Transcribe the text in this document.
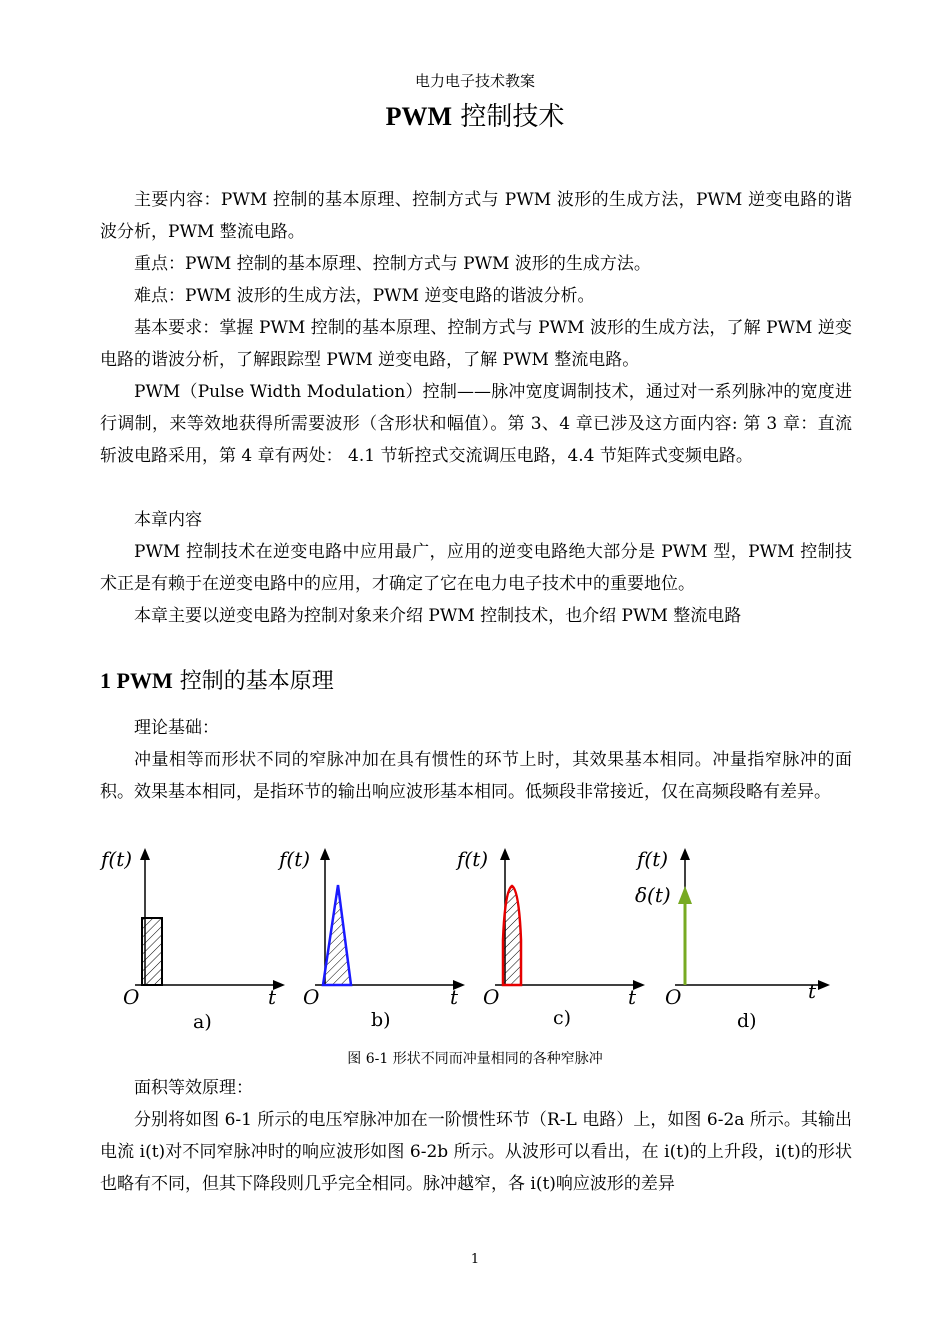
电力电子技术教案
PWM 控制技术

主要内容：PWM 控制的基本原理、控制方式与 PWM 波形的生成方法，PWM 逆变电路的谐波分析，PWM 整流电路。

重点：PWM 控制的基本原理、控制方式与 PWM 波形的生成方法。

难点：PWM 波形的生成方法，PWM 逆变电路的谐波分析。

基本要求：掌握 PWM 控制的基本原理、控制方式与 PWM 波形的生成方法，了解 PWM 逆变电路的谐波分析，了解跟踪型 PWM 逆变电路，了解 PWM 整流电路。

PWM（Pulse Width Modulation）控制——脉冲宽度调制技术，通过对一系列脉冲的宽度进行调制，来等效地获得所需要波形（含形状和幅值）。第 3、4 章已涉及这方面内容: 第 3 章：直流斩波电路采用，第 4 章有两处： 4.1 节斩控式交流调压电路，4.4 节矩阵式变频电路。

本章内容

PWM 控制技术在逆变电路中应用最广，应用的逆变电路绝大部分是 PWM 型，PWM 控制技术正是有赖于在逆变电路中的应用，才确定了它在电力电子技术中的重要地位。

本章主要以逆变电路为控制对象来介绍 PWM 控制技术，也介绍 PWM 整流电路

1 PWM 控制的基本原理

理论基础：

冲量相等而形状不同的窄脉冲加在具有惯性的环节上时，其效果基本相同。冲量指窄脉冲的面积。效果基本相同，是指环节的输出响应波形基本相同。低频段非常接近，仅在高频段略有差异。

f(t)
O	t
a)
f(t)
O	t
b)
f(t)
O	t
c)
f(t)
δ(t)
O	t
d)
图 6-1 形状不同而冲量相同的各种窄脉冲

面积等效原理：

分别将如图 6-1 所示的电压窄脉冲加在一阶惯性环节（R-L 电路）上，如图 6-2a 所示。其输出电流 i(t)对不同窄脉冲时的响应波形如图 6-2b 所示。从波形可以看出，在 i(t)的上升段，i(t)的形状也略有不同，但其下降段则几乎完全相同。脉冲越窄，各 i(t)响应波形的差异

1
